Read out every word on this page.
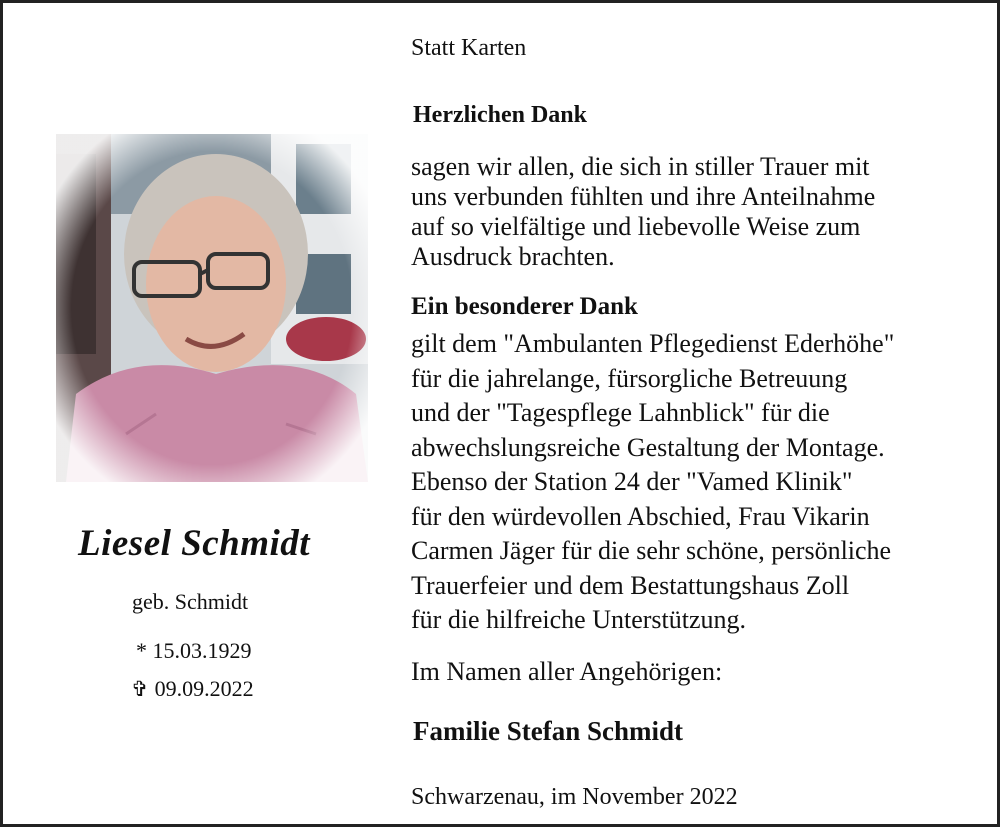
Liesel Schmidt
geb. Schmidt
* 15.03.1929
✞ 09.09.2022
Statt Karten
Herzlichen Dank
sagen wir allen, die sich in stiller Trauer mit
uns verbunden fühlten und ihre Anteilnahme
auf so vielfältige und liebevolle Weise zum
Ausdruck brachten.
Ein besonderer Dank
gilt dem "Ambulanten Pflegedienst Ederhöhe"
für die jahrelange, fürsorgliche Betreuung
und der "Tagespflege Lahnblick" für die
abwechslungsreiche Gestaltung der Montage.
Ebenso der Station 24 der "Vamed Klinik"
für den würdevollen Abschied, Frau Vikarin
Carmen Jäger für die sehr schöne, persönliche
Trauerfeier und dem Bestattungshaus Zoll
für die hilfreiche Unterstützung.
Im Namen aller Angehörigen:
Familie Stefan Schmidt
Schwarzenau, im November 2022
